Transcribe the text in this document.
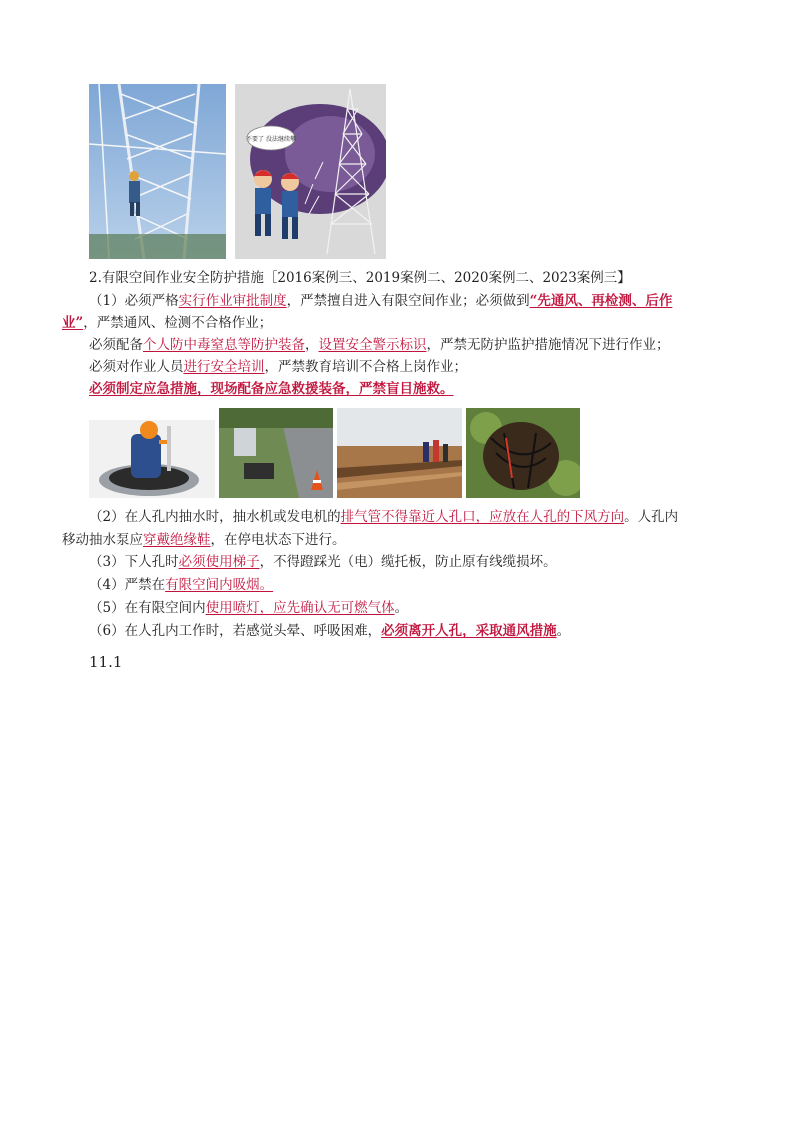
不要了 没法继续攀
2.有限空间作业安全防护措施［2016案例三、2019案例二、2020案例二、2023案例三】
（1）必须严格实行作业审批制度，严禁擅自进入有限空间作业；必须做到“先通风、再检测、后作
业”，严禁通风、检测不合格作业；
必须配备个人防中毒窒息等防护装备，设置安全警示标识，严禁无防护监护措施情况下进行作业；
必须对作业人员进行安全培训，严禁教育培训不合格上岗作业；
必须制定应急措施，现场配备应急救援装备，严禁盲目施救。
（2）在人孔内抽水时，抽水机或发电机的排气管不得靠近人孔口，应放在人孔的下风方向。人孔内
移动抽水泵应穿戴绝缘鞋，在停电状态下进行。
（3）下人孔时必须使用梯子，不得蹬踩光（电）缆托板，防止原有线缆损坏。
（4）严禁在有限空间内吸烟。
（5）在有限空间内使用喷灯，应先确认无可燃气体。
（6）在人孔内工作时，若感觉头晕、呼吸困难，必须离开人孔，采取通风措施。
11.1
